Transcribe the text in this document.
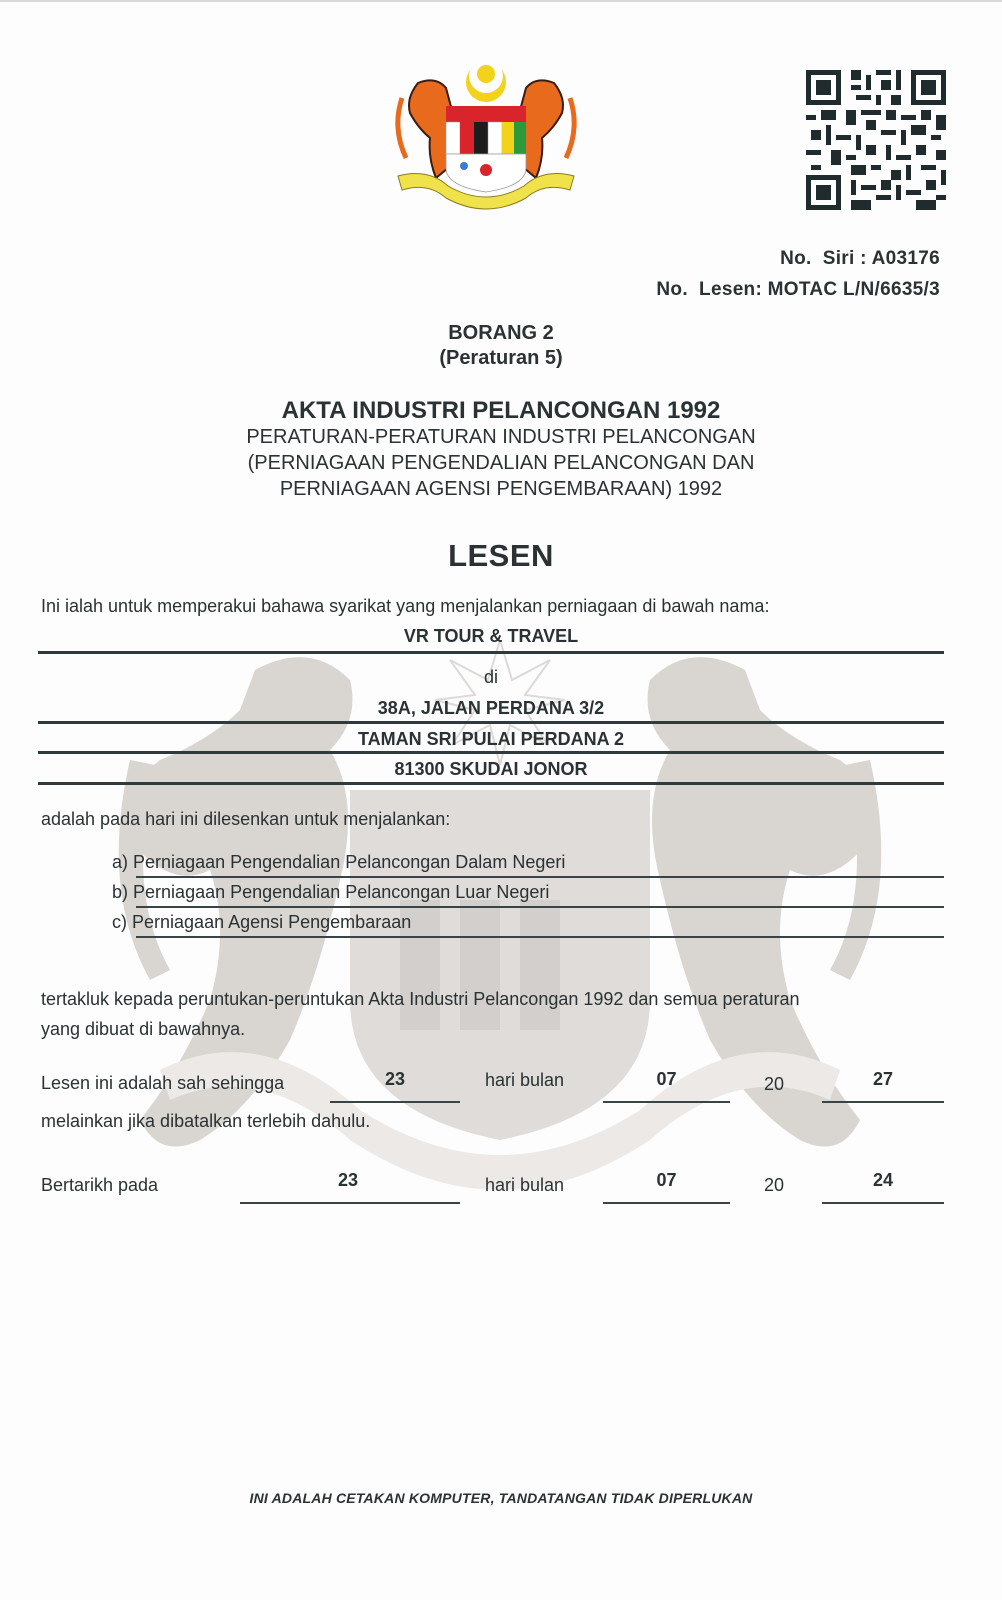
No.  Siri : A03176
No.  Lesen: MOTAC L/N/6635/3
BORANG 2
(Peraturan 5)
AKTA INDUSTRI PELANCONGAN 1992
PERATURAN-PERATURAN INDUSTRI PELANCONGAN
(PERNIAGAAN PENGENDALIAN PELANCONGAN DAN
PERNIAGAAN AGENSI PENGEMBARAAN) 1992
LESEN
Ini ialah untuk memperakui bahawa syarikat yang menjalankan perniagaan di bawah nama:
VR TOUR & TRAVEL
di
38A, JALAN PERDANA 3/2
TAMAN SRI PULAI PERDANA 2
81300 SKUDAI JONOR
adalah pada hari ini dilesenkan untuk menjalankan:
a) Perniagaan Pengendalian Pelancongan Dalam Negeri
b) Perniagaan Pengendalian Pelancongan Luar Negeri
c) Perniagaan Agensi Pengembaraan
tertakluk kepada peruntukan-peruntukan Akta Industri Pelancongan 1992 dan semua peraturan
yang dibuat di bawahnya.
Lesen ini adalah sah sehingga	23	hari bulan	07	20	27
melainkan jika dibatalkan terlebih dahulu.
Bertarikh pada	23	hari bulan	07	20	24
INI ADALAH CETAKAN KOMPUTER, TANDATANGAN TIDAK DIPERLUKAN
